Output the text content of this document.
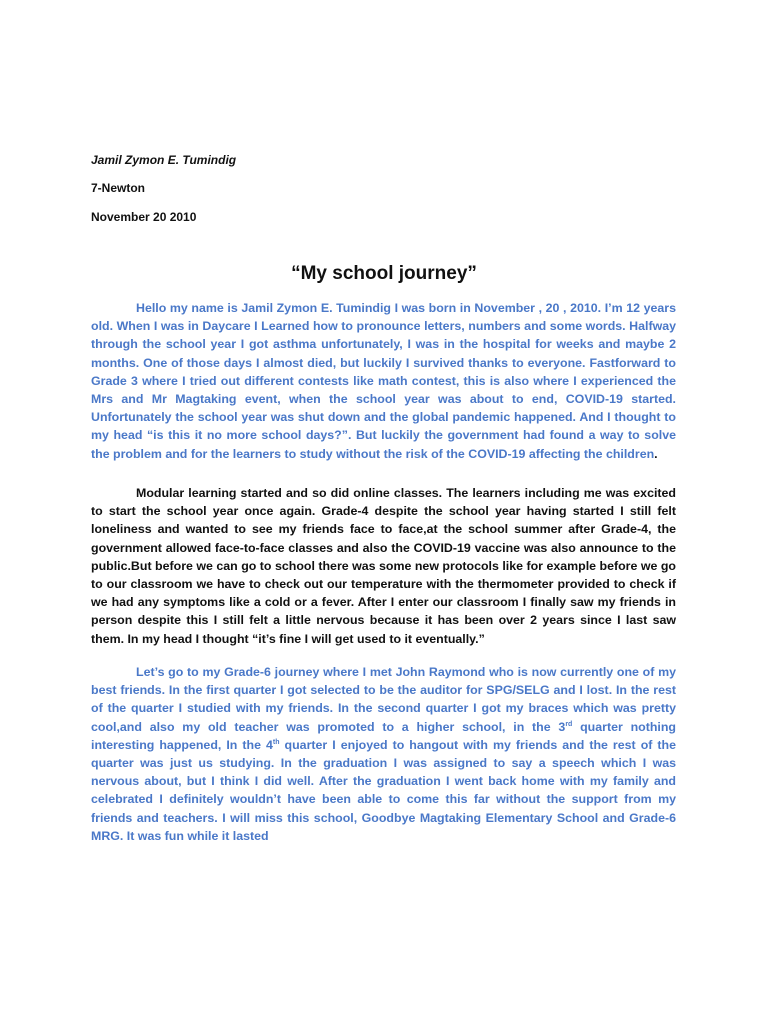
Jamil Zymon E. Tumindig
7-Newton
November 20 2010
“My school journey”

Hello my name is Jamil Zymon E. Tumindig I was born in November , 20 , 2010. I’m 12 years old. When I was in Daycare I Learned how to pronounce letters, numbers and some words. Halfway through the school year I got asthma unfortunately, I was in the hospital for weeks and maybe 2 months. One of those days I almost died, but luckily I survived thanks to everyone. Fastforward to Grade 3 where I tried out different contests like math contest, this is also where I experienced the Mrs and Mr Magtaking event, when the school year was about to end, COVID-19 started. Unfortunately the school year was shut down and the global pandemic happened. And I thought to my head “is this it no more school days?”. But luckily the government had found a way to solve the problem and for the learners to study without the risk of the COVID-19 affecting the children.

Modular learning started and so did online classes. The learners including me was excited to start the school year once again. Grade-4 despite the school year having started I still felt loneliness and wanted to see my friends face to face,at the school summer after Grade-4, the government allowed face-to-face classes and also the COVID-19 vaccine was also announce to the public.But before we can go to school there was some new protocols like for example before we go to our classroom we have to check out our temperature with the thermometer provided to check if we had any symptoms like a cold or a fever. After I enter our classroom I finally saw my friends in person despite this I still felt a little nervous because it has been over 2 years since I last saw them. In my head I thought “it’s fine I will get used to it eventually.”

Let’s go to my Grade-6 journey where I met John Raymond who is now currently one of my best friends. In the first quarter I got selected to be the auditor for SPG/SELG and I lost. In the rest of the quarter I studied with my friends. In the second quarter I got my braces which was pretty cool,and also my old teacher was promoted to a higher school, in the 3rd quarter nothing interesting happened, In the 4th quarter I enjoyed to hangout with my friends and the rest of the quarter was just us studying. In the graduation I was assigned to say a speech which I was nervous about, but I think I did well. After the graduation I went back home with my family and celebrated I definitely wouldn’t have been able to come this far without the support from my friends and teachers. I will miss this school, Goodbye Magtaking Elementary School and Grade-6 MRG. It was fun while it lasted
